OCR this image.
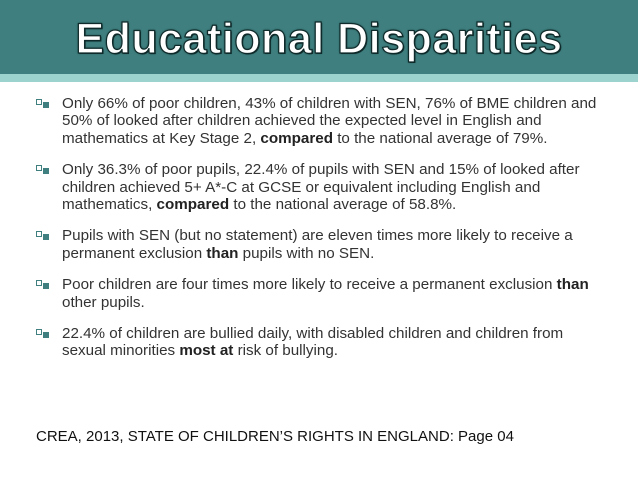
Educational Disparities
Only 66% of poor children, 43% of children with SEN, 76% of BME children and 50% of looked after children achieved the expected level in English and mathematics at Key Stage 2, compared to the national average of 79%.
Only 36.3% of poor pupils, 22.4% of pupils with SEN and 15% of looked after children achieved 5+ A*-C at GCSE or equivalent including English and mathematics, compared to the national average of 58.8%.
Pupils with SEN (but no statement) are eleven times more likely to receive a permanent exclusion than pupils with no SEN.
Poor children are four times more likely to receive a permanent exclusion than other pupils.
22.4% of children are bullied daily, with disabled children and children from sexual minorities most at risk of bullying.
CREA, 2013, STATE OF CHILDREN’S RIGHTS IN ENGLAND: Page 04
